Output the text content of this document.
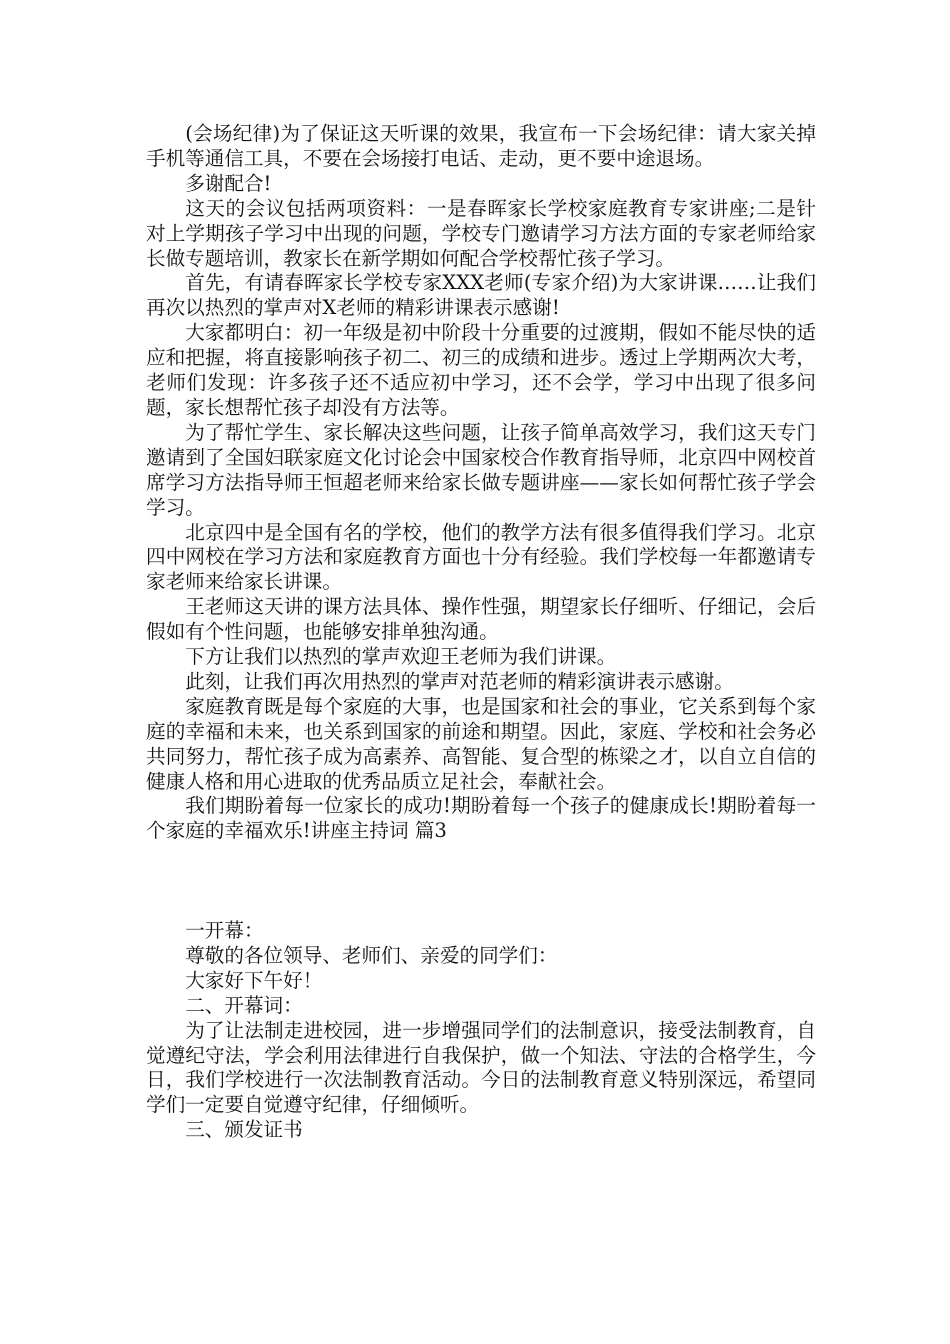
(会场纪律)为了保证这天听课的效果，我宣布一下会场纪律：请大家关掉手机等通信工具，不要在会场接打电话、走动，更不要中途退场。

多谢配合!

这天的会议包括两项资料：一是春晖家长学校家庭教育专家讲座;二是针对上学期孩子学习中出现的问题，学校专门邀请学习方法方面的专家老师给家长做专题培训，教家长在新学期如何配合学校帮忙孩子学习。

首先，有请春晖家长学校专家XXX老师(专家介绍)为大家讲课……让我们再次以热烈的掌声对X老师的精彩讲课表示感谢!

大家都明白：初一年级是初中阶段十分重要的过渡期，假如不能尽快的适应和把握，将直接影响孩子初二、初三的成绩和进步。透过上学期两次大考，老师们发现：许多孩子还不适应初中学习，还不会学，学习中出现了很多问题，家长想帮忙孩子却没有方法等。

为了帮忙学生、家长解决这些问题，让孩子简单高效学习，我们这天专门邀请到了全国妇联家庭文化讨论会中国家校合作教育指导师，北京四中网校首席学习方法指导师王恒超老师来给家长做专题讲座——家长如何帮忙孩子学会学习。

北京四中是全国有名的学校，他们的教学方法有很多值得我们学习。北京四中网校在学习方法和家庭教育方面也十分有经验。我们学校每一年都邀请专家老师来给家长讲课。

王老师这天讲的课方法具体、操作性强，期望家长仔细听、仔细记，会后假如有个性问题，也能够安排单独沟通。

下方让我们以热烈的掌声欢迎王老师为我们讲课。

此刻，让我们再次用热烈的掌声对范老师的精彩演讲表示感谢。

家庭教育既是每个家庭的大事，也是国家和社会的事业，它关系到每个家庭的幸福和未来，也关系到国家的前途和期望。因此，家庭、学校和社会务必共同努力，帮忙孩子成为高素养、高智能、复合型的栋梁之才，以自立自信的健康人格和用心进取的优秀品质立足社会，奉献社会。

我们期盼着每一位家长的成功!期盼着每一个孩子的健康成长!期盼着每一个家庭的幸福欢乐!讲座主持词 篇3

一开幕：

尊敬的各位领导、老师们、亲爱的同学们：

大家好下午好！

二、开幕词：

为了让法制走进校园，进一步增强同学们的法制意识，接受法制教育，自觉遵纪守法，学会利用法律进行自我保护，做一个知法、守法的合格学生，今日，我们学校进行一次法制教育活动。今日的法制教育意义特别深远，希望同学们一定要自觉遵守纪律，仔细倾听。

三、颁发证书
